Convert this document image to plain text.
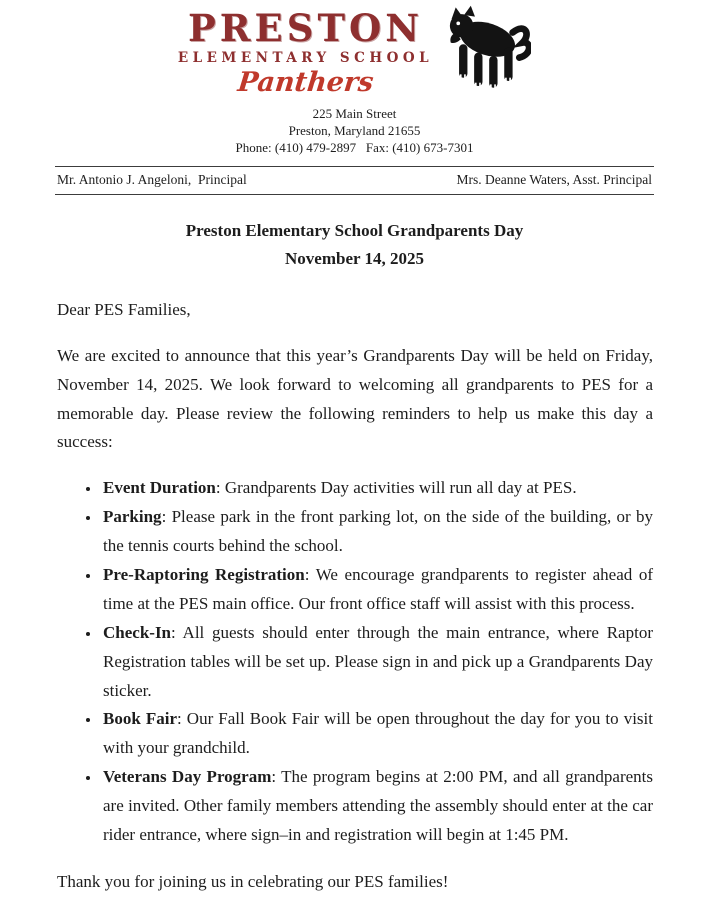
PRESTON
ELEMENTARY SCHOOL
Panthers
225 Main Street
Preston, Maryland 21655
Phone: (410) 479-2897   Fax: (410) 673-7301
Mr. Antonio J. Angeloni,  Principal	Mrs. Deanne Waters, Asst. Principal
Preston Elementary School Grandparents Day
November 14, 2025
Dear PES Families,
We are excited to announce that this year’s Grandparents Day will be held on Friday, November 14, 2025. We look forward to welcoming all grandparents to PES for a memorable day. Please review the following reminders to help us make this day a success:
• Event Duration: Grandparents Day activities will run all day at PES.
• Parking: Please park in the front parking lot, on the side of the building, or by the tennis courts behind the school.
• Pre-Raptoring Registration: We encourage grandparents to register ahead of time at the PES main office. Our front office staff will assist with this process.
• Check-In: All guests should enter through the main entrance, where Raptor Registration tables will be set up. Please sign in and pick up a Grandparents Day sticker.
• Book Fair: Our Fall Book Fair will be open throughout the day for you to visit with your grandchild.
• Veterans Day Program: The program begins at 2:00 PM, and all grandparents are invited. Other family members attending the assembly should enter at the car rider entrance, where sign–in and registration will begin at 1:45 PM.
Thank you for joining us in celebrating our PES families!
